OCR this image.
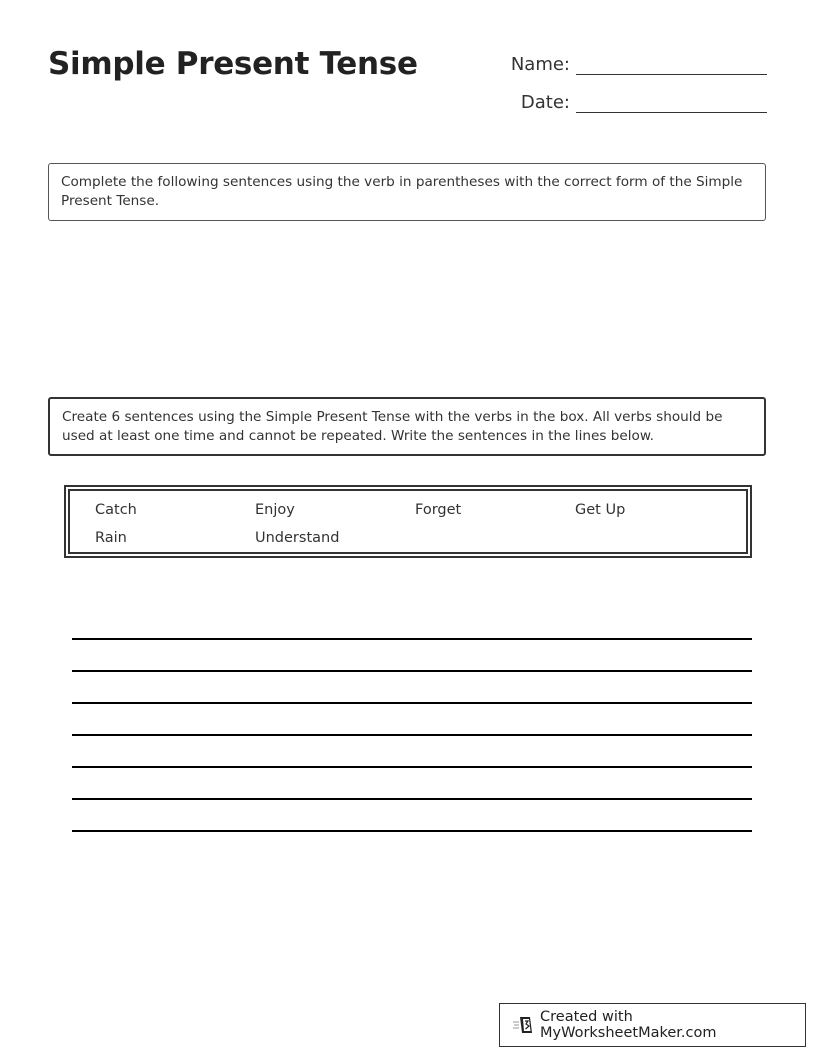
Simple Present Tense	Name:
Date:
Complete the following sentences using the verb in parentheses with the correct form of the Simple Present Tense.
Create 6 sentences using the Simple Present Tense with the verbs in the box. All verbs should be used at least one time and cannot be repeated. Write the sentences in the lines below.
Catch	Enjoy	Forget	Get Up
Rain	Understand
Created with MyWorksheetMaker.com
